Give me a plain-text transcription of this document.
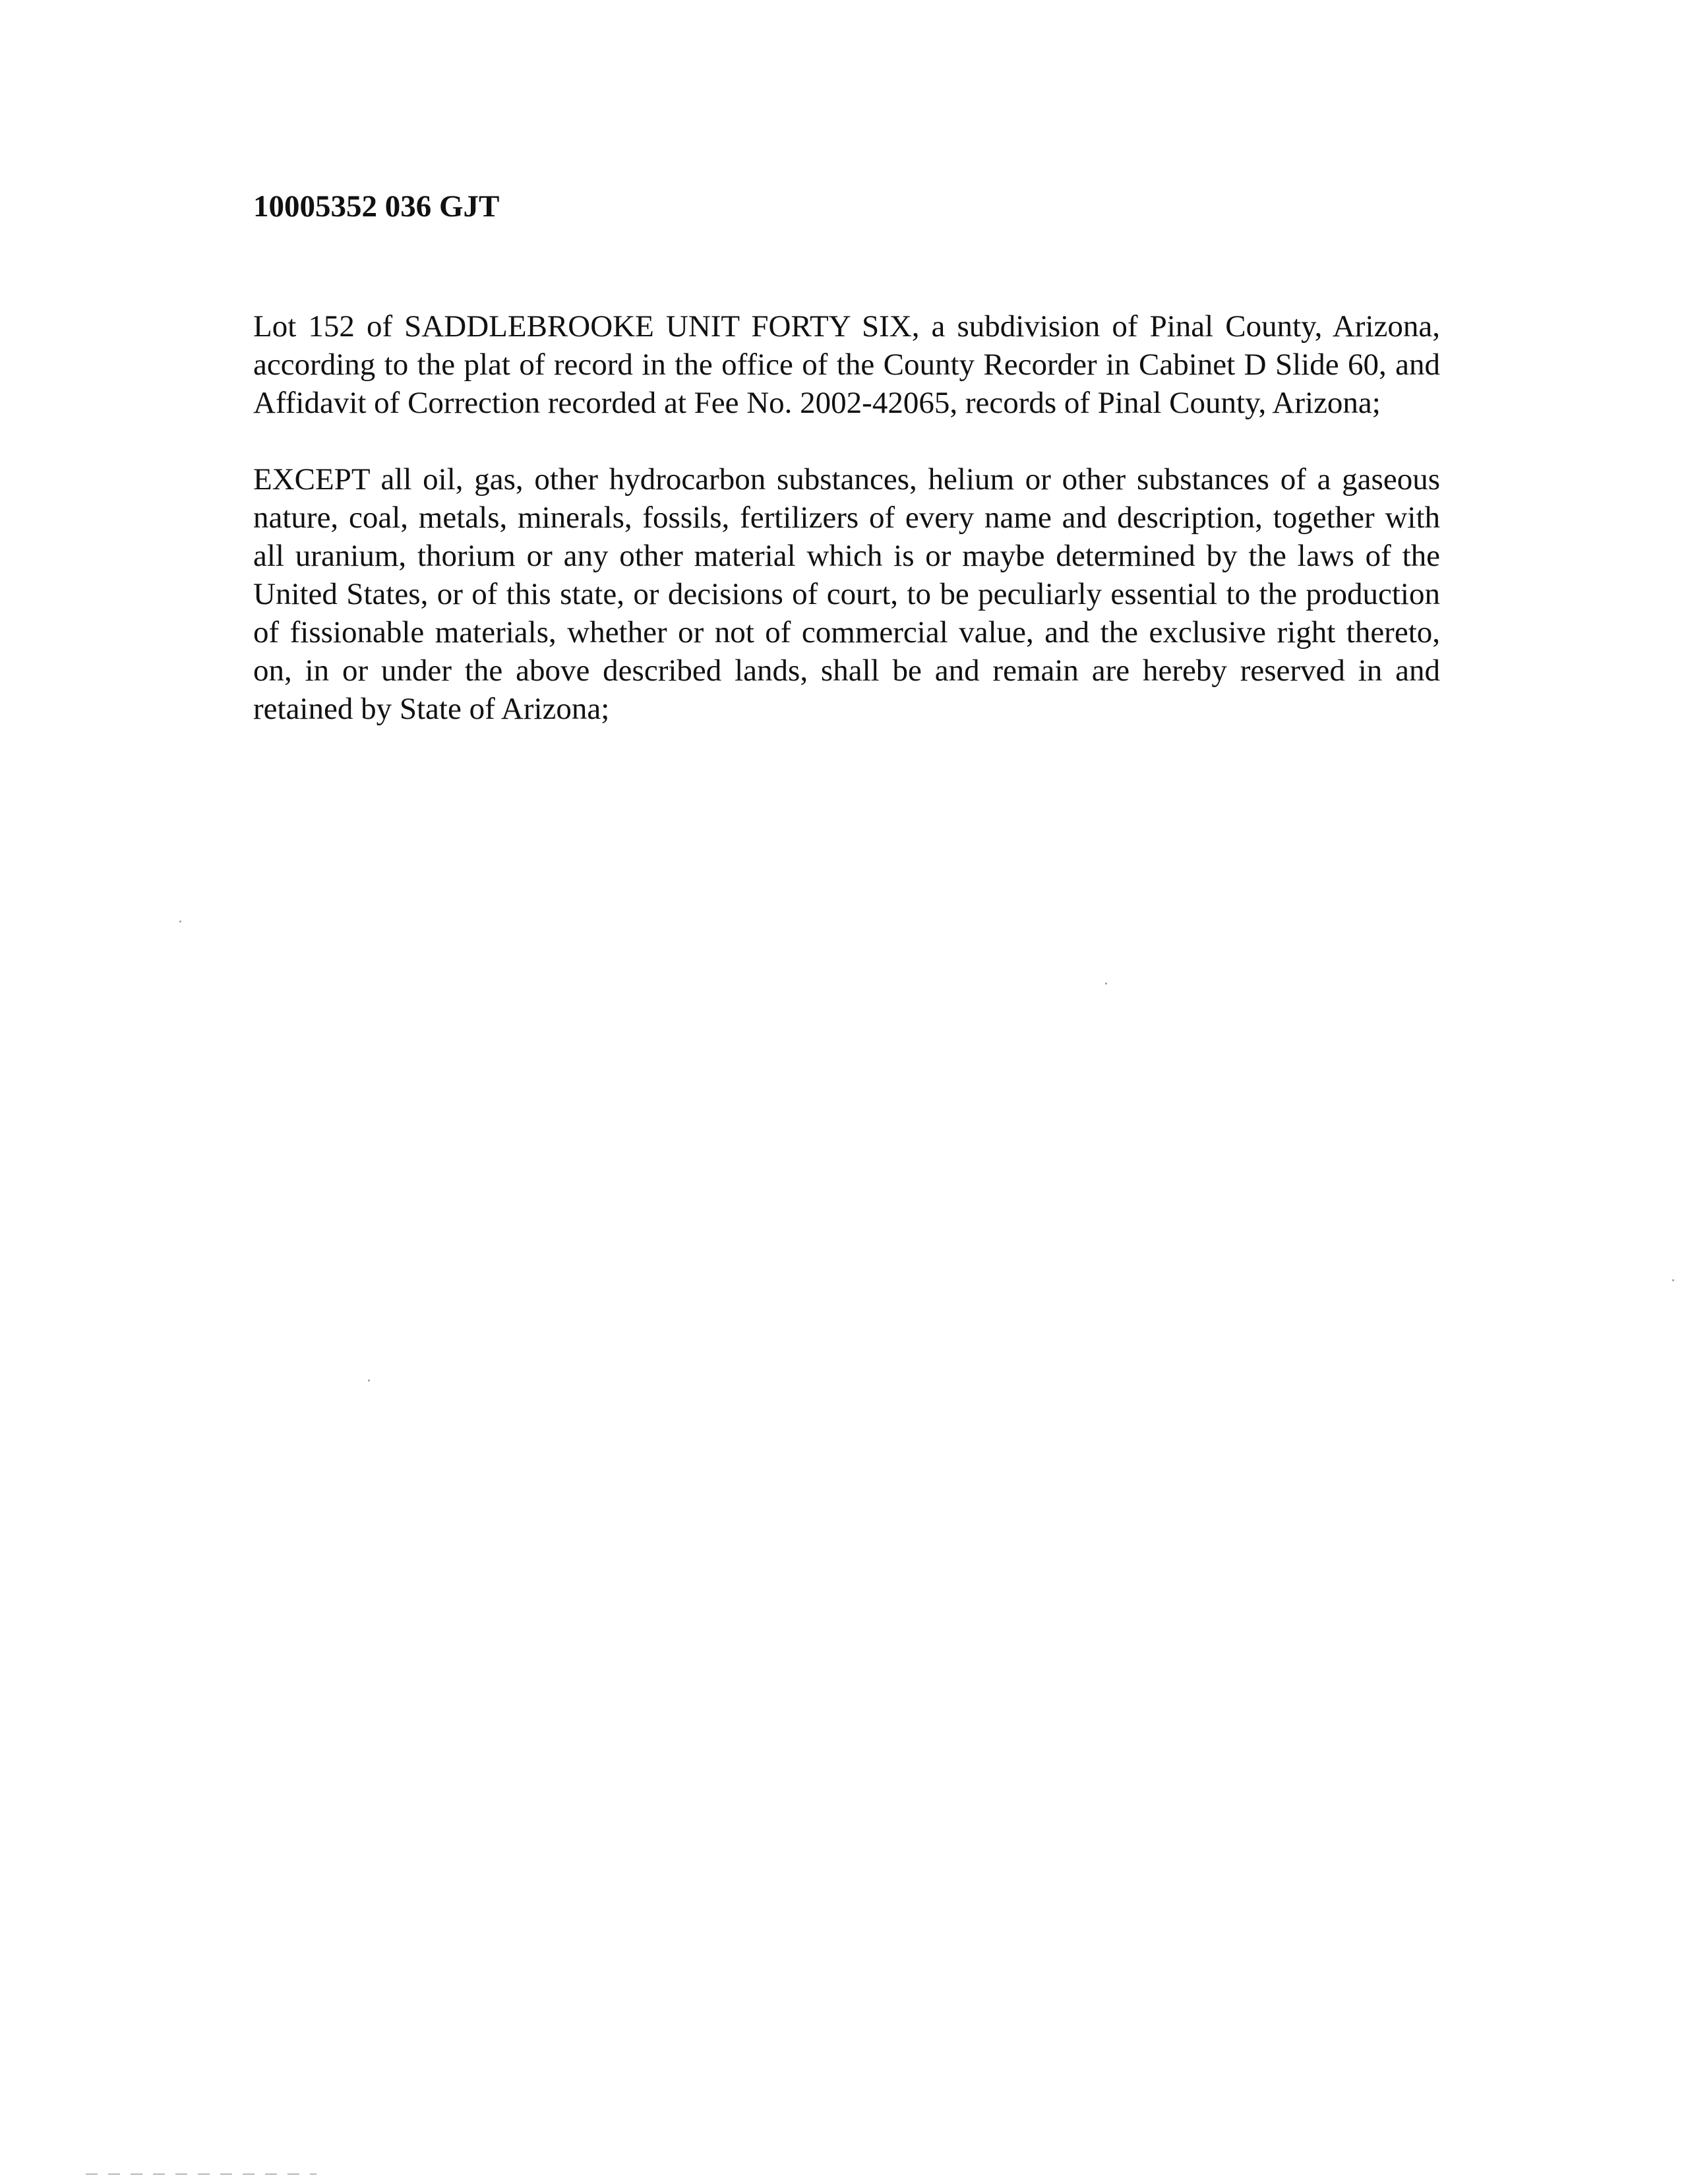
10005352 036 GJT

Lot 152 of SADDLEBROOKE UNIT FORTY SIX, a subdivision of Pinal County, Arizona, according to the plat of record in the office of the County Recorder in Cabinet D Slide 60, and Affidavit of Correction recorded at Fee No. 2002-42065, records of Pinal County, Arizona;

EXCEPT all oil, gas, other hydrocarbon substances, helium or other substances of a gaseous nature, coal, metals, minerals, fossils, fertilizers of every name and description, together with all uranium, thorium or any other material which is or maybe determined by the laws of the United States, or of this state, or decisions of court, to be peculiarly essential to the production of fissionable materials, whether or not of commercial value, and the exclusive right thereto, on, in or under the above described lands, shall be and remain are hereby reserved in and retained by State of Arizona;
